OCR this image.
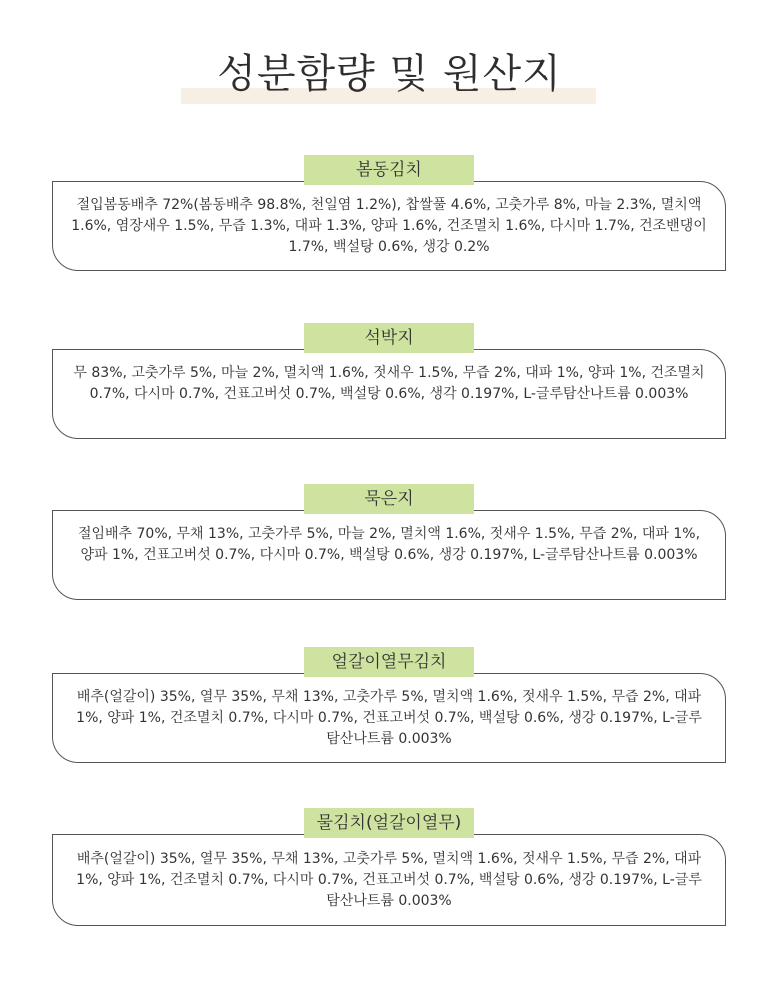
성분함량 및 원산지
봄동김치
절입봄동배추 72%(봄동배추 98.8%, 천일염 1.2%), 찹쌀풀 4.6%, 고춧가루 8%, 마늘 2.3%, 멸치액 1.6%, 염장새우 1.5%, 무즙 1.3%, 대파 1.3%, 양파 1.6%, 건조멸치 1.6%, 다시마 1.7%, 건조밴댕이 1.7%, 백설탕 0.6%, 생강 0.2%
석박지
무 83%, 고춧가루 5%, 마늘 2%, 멸치액 1.6%, 젓새우 1.5%, 무즙 2%, 대파 1%, 양파 1%, 건조멸치 0.7%, 다시마 0.7%, 건표고버섯 0.7%, 백설탕 0.6%, 생각 0.197%, L-글루탐산나트륨 0.003%
묵은지
절임배추 70%, 무채 13%, 고춧가루 5%, 마늘 2%, 멸치액 1.6%, 젓새우 1.5%, 무즙 2%, 대파 1%, 양파 1%, 건표고버섯 0.7%, 다시마 0.7%, 백설탕 0.6%, 생강 0.197%, L-글루탐산나트륨 0.003%
얼갈이열무김치
배추(얼갈이) 35%, 열무 35%, 무채 13%, 고춧가루 5%, 멸치액 1.6%, 젓새우 1.5%, 무즙 2%, 대파 1%, 양파 1%, 건조멸치 0.7%, 다시마 0.7%, 건표고버섯 0.7%, 백설탕 0.6%, 생강 0.197%, L-글루탐산나트륨 0.003%
물김치(얼갈이열무)
배추(얼갈이) 35%, 열무 35%, 무채 13%, 고춧가루 5%, 멸치액 1.6%, 젓새우 1.5%, 무즙 2%, 대파 1%, 양파 1%, 건조멸치 0.7%, 다시마 0.7%, 건표고버섯 0.7%, 백설탕 0.6%, 생강 0.197%, L-글루탐산나트륨 0.003%
